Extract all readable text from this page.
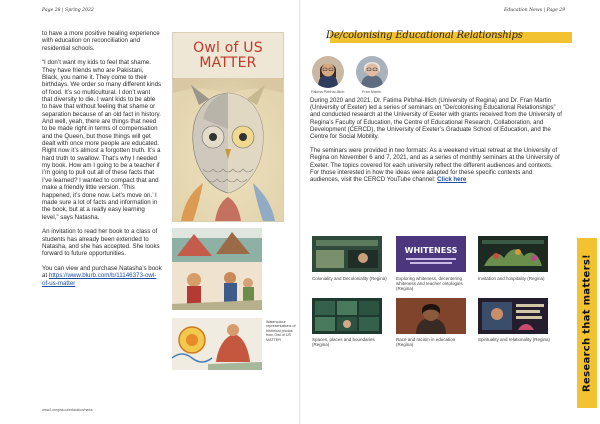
Page 28 | Spring 2022

to have a more positive healing experience with education on reconciliation and residential schools.

“I don’t want my kids to feel that shame. They have friends who are Pakistani, Black, you name it. They come to their birthdays. We order so many different kinds of food. It’s so multicultural. I don’t want that diversity to die. I want kids to be able to have that without feeling that shame or separation because of an old fact in history. And well, yeah, there are things that need to be made right in terms of compensation and the Queen, but those things will get dealt with once more people are educated. Right now it’s almost a forgotten truth. It’s a hard truth to swallow. That’s why I needed my book. How am I going to be a teacher if I’m going to pull out all of these facts that I’ve learned? I wanted to compact that and make a friendly little version. ‘This happened, it’s done now. Let’s move on.’ I made sure a lot of facts and information in the book, but at a really easy learning level,” says Natasha.

An invitation to read her book to a class of students has already been extended to Natasha, and she has accepted. She looks forward to future opportunities.

You can view and purchase Natasha’s book at https://www.blurb.com/b/11146373-owl-of-us-matter

Owl of US MATTER
Watercolour representations of historical photos from Owl of US MATTER
www2.uregina.ca/education/news
Education News | Page 29
De/colonising Educational Relationships
Fatima Pirbhai-Illich	Fran Martin

During 2020 and 2021, Dr. Fatima Pirbhai-Illich (University of Regina) and Dr. Fran Martin (University of Exeter) led a series of seminars on “De/colonising Educational Relationships” and conducted research at the University of Exeter with grants received from the University of Regina’s Faculty of Education, the Centre of Educational Research, Collaboration, and Development (CERCD), the University of Exeter’s Graduate School of Education, and the Centre for Social Mobility.

The seminars were provided in two formats: As a weekend virtual retreat at the University of Regina on November 6 and 7, 2021, and as a series of monthly seminars at the University of Exeter. The topics covered for each university reflect the different audiences and contexts. For those interested in how the ideas were adapted for these specific contexts and audiences, visit the CERCD YouTube channel: Click here

Coloniality and Decoloniality (Regina)
WHITENESS
Exploring whiteness, decentering whiteness and teacher ontologies (Regina)
Invitation and hospitality (Regina)
Spaces, places and boundaries (Regina)
Race and racism in education (Regina)
Spirituality and relationality (Regina)	Research that matters!
